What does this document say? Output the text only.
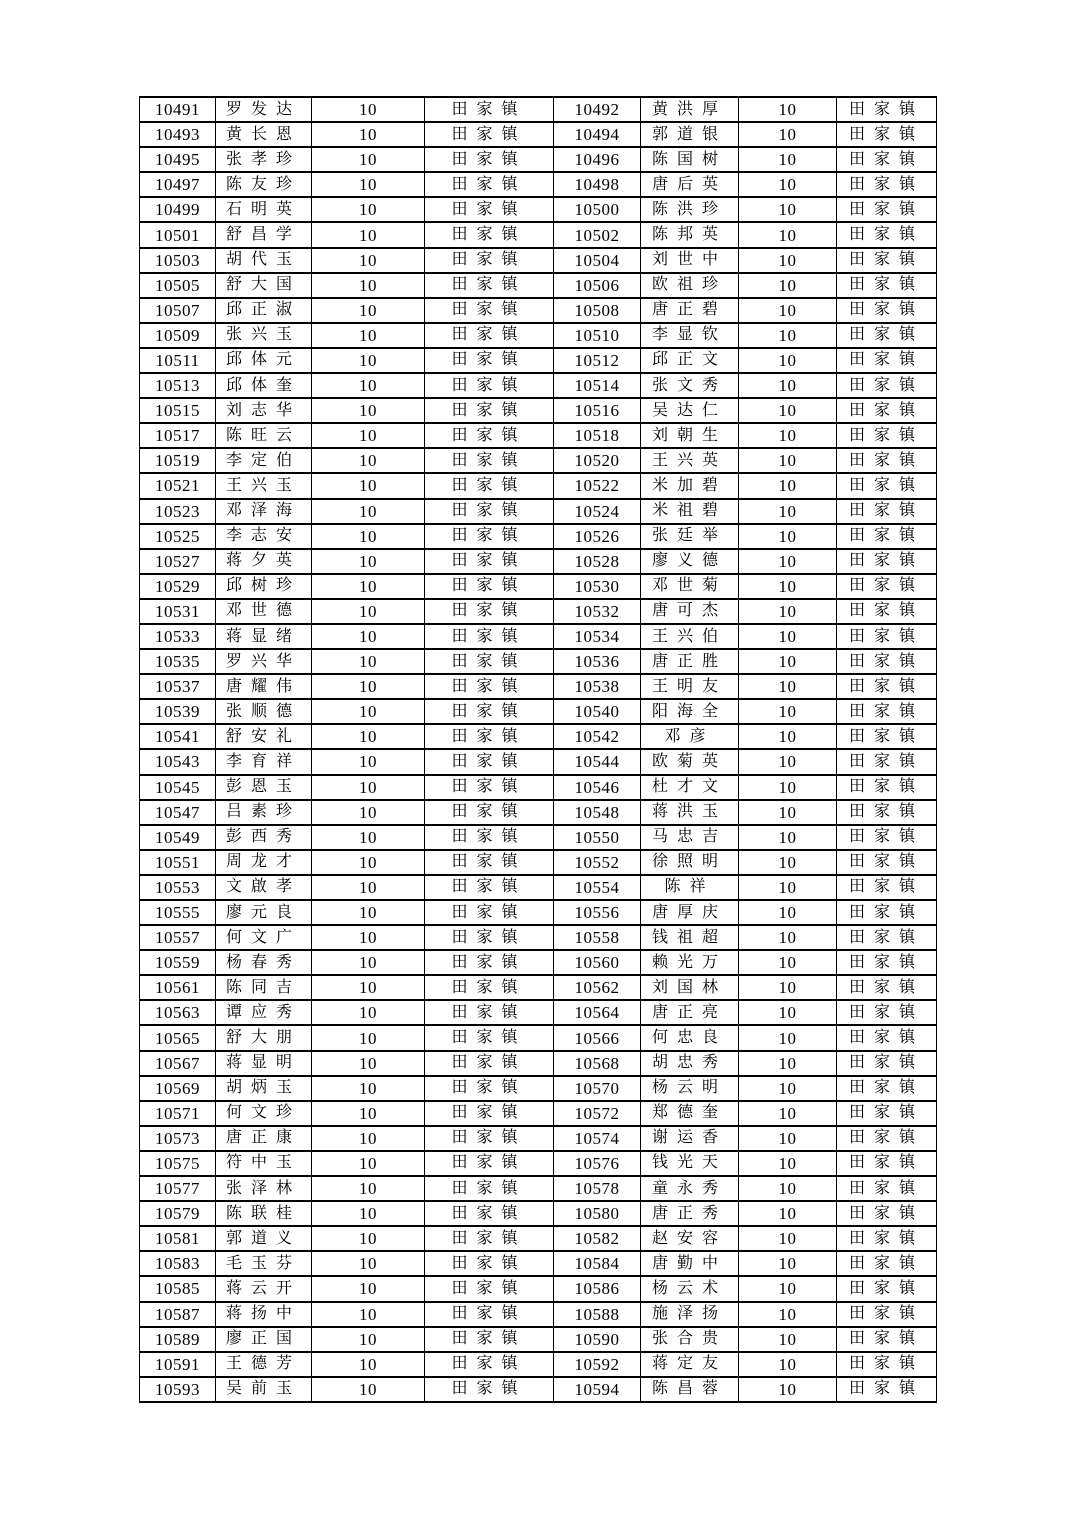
10491	罗发达	10	田家镇	10492	黄洪厚	10	田家镇
10493	黄长恩	10	田家镇	10494	郭道银	10	田家镇
10495	张孝珍	10	田家镇	10496	陈国树	10	田家镇
10497	陈友珍	10	田家镇	10498	唐后英	10	田家镇
10499	石明英	10	田家镇	10500	陈洪珍	10	田家镇
10501	舒昌学	10	田家镇	10502	陈邦英	10	田家镇
10503	胡代玉	10	田家镇	10504	刘世中	10	田家镇
10505	舒大国	10	田家镇	10506	欧祖珍	10	田家镇
10507	邱正淑	10	田家镇	10508	唐正碧	10	田家镇
10509	张兴玉	10	田家镇	10510	李显钦	10	田家镇
10511	邱体元	10	田家镇	10512	邱正文	10	田家镇
10513	邱体奎	10	田家镇	10514	张文秀	10	田家镇
10515	刘志华	10	田家镇	10516	吴达仁	10	田家镇
10517	陈旺云	10	田家镇	10518	刘朝生	10	田家镇
10519	李定伯	10	田家镇	10520	王兴英	10	田家镇
10521	王兴玉	10	田家镇	10522	米加碧	10	田家镇
10523	邓泽海	10	田家镇	10524	米祖碧	10	田家镇
10525	李志安	10	田家镇	10526	张廷举	10	田家镇
10527	蒋夕英	10	田家镇	10528	廖义德	10	田家镇
10529	邱树珍	10	田家镇	10530	邓世菊	10	田家镇
10531	邓世德	10	田家镇	10532	唐可杰	10	田家镇
10533	蒋显绪	10	田家镇	10534	王兴伯	10	田家镇
10535	罗兴华	10	田家镇	10536	唐正胜	10	田家镇
10537	唐耀伟	10	田家镇	10538	王明友	10	田家镇
10539	张顺德	10	田家镇	10540	阳海全	10	田家镇
10541	舒安礼	10	田家镇	10542	邓彦	10	田家镇
10543	李育祥	10	田家镇	10544	欧菊英	10	田家镇
10545	彭恩玉	10	田家镇	10546	杜才文	10	田家镇
10547	吕素珍	10	田家镇	10548	蒋洪玉	10	田家镇
10549	彭西秀	10	田家镇	10550	马忠吉	10	田家镇
10551	周龙才	10	田家镇	10552	徐照明	10	田家镇
10553	文啟孝	10	田家镇	10554	陈祥	10	田家镇
10555	廖元良	10	田家镇	10556	唐厚庆	10	田家镇
10557	何文广	10	田家镇	10558	钱祖超	10	田家镇
10559	杨春秀	10	田家镇	10560	赖光万	10	田家镇
10561	陈同吉	10	田家镇	10562	刘国林	10	田家镇
10563	谭应秀	10	田家镇	10564	唐正亮	10	田家镇
10565	舒大朋	10	田家镇	10566	何忠良	10	田家镇
10567	蒋显明	10	田家镇	10568	胡忠秀	10	田家镇
10569	胡炳玉	10	田家镇	10570	杨云明	10	田家镇
10571	何文珍	10	田家镇	10572	郑德奎	10	田家镇
10573	唐正康	10	田家镇	10574	谢运香	10	田家镇
10575	符中玉	10	田家镇	10576	钱光天	10	田家镇
10577	张泽林	10	田家镇	10578	童永秀	10	田家镇
10579	陈联桂	10	田家镇	10580	唐正秀	10	田家镇
10581	郭道义	10	田家镇	10582	赵安容	10	田家镇
10583	毛玉芬	10	田家镇	10584	唐勤中	10	田家镇
10585	蒋云开	10	田家镇	10586	杨云术	10	田家镇
10587	蒋扬中	10	田家镇	10588	施泽扬	10	田家镇
10589	廖正国	10	田家镇	10590	张合贵	10	田家镇
10591	王德芳	10	田家镇	10592	蒋定友	10	田家镇
10593	吴前玉	10	田家镇	10594	陈昌蓉	10	田家镇
